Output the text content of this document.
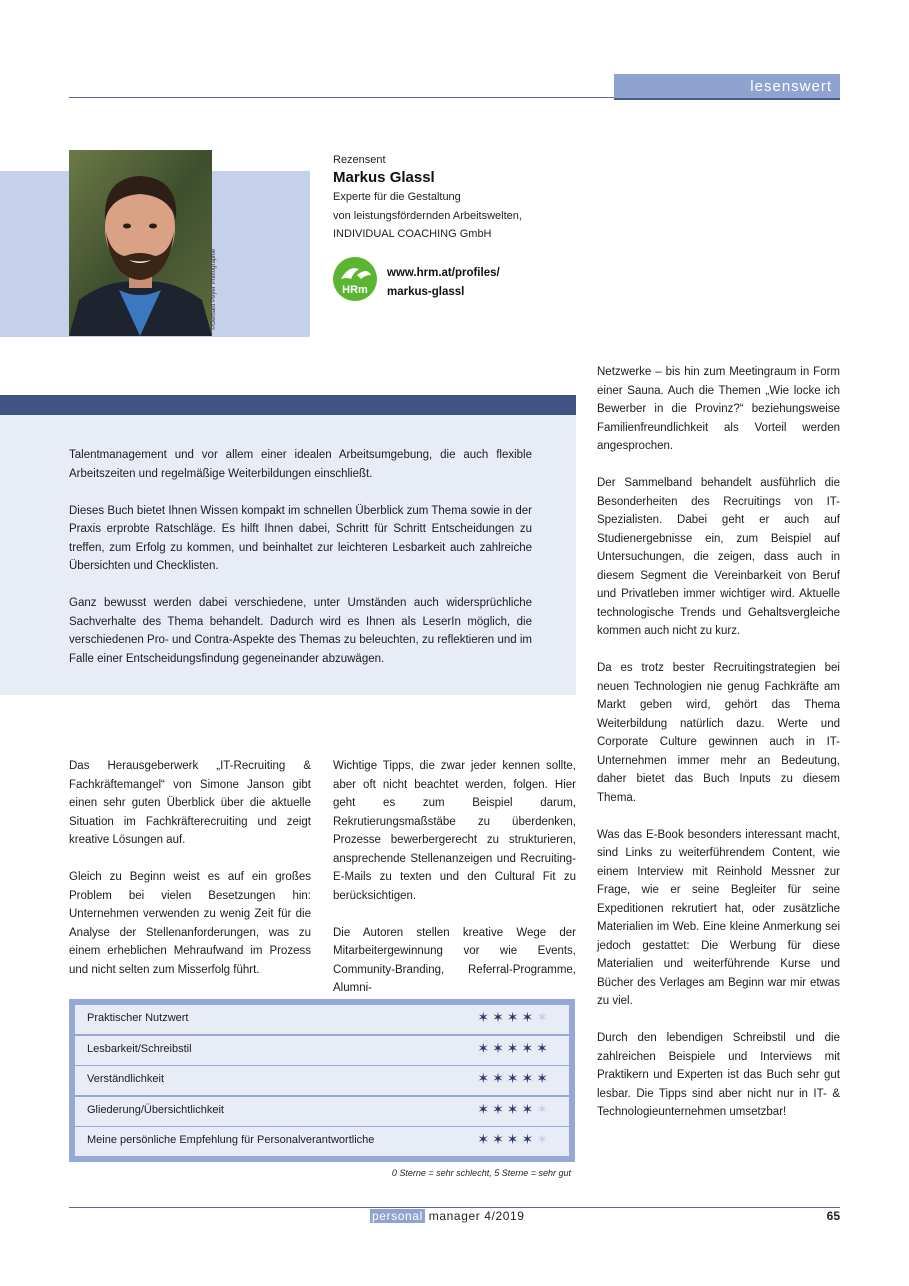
lesenswert
©Gerhard Peyer Photographie
Rezensent
Markus Glassl
Experte für die Gestaltung
von leistungsfördernden Arbeitswelten,
INDIVIDUAL COACHING GmbH
HRm
www.hrm.at/profiles/
markus-glassl

Talentmanagement und vor allem einer idealen Arbeitsumgebung, die auch flexible Arbeitszeiten und regelmäßige Weiterbildungen einschließt.

Dieses Buch bietet Ihnen Wissen kompakt im schnellen Überblick zum Thema sowie in der Praxis erprobte Ratschläge. Es hilft Ihnen dabei, Schritt für Schritt Entscheidungen zu treffen, zum Erfolg zu kommen, und beinhaltet zur leichteren Lesbarkeit auch zahlreiche Übersichten und Checklisten.

Ganz bewusst werden dabei verschiedene, unter Umständen auch widersprüchliche Sachverhalte des Thema behandelt. Dadurch wird es Ihnen als LeserIn möglich, die verschiedenen Pro- und Contra-Aspekte des Themas zu beleuchten, zu reflektieren und im Falle einer Entscheidungsfindung gegeneinander abzuwägen.

Das Herausgeberwerk „IT-Recruiting & Fachkräftemangel“ von Simone Janson gibt einen sehr guten Überblick über die aktuelle Situation im Fachkräfterecruiting und zeigt kreative Lösungen auf.

Gleich zu Beginn weist es auf ein großes Problem bei vielen Besetzungen hin: Unternehmen verwenden zu wenig Zeit für die Analyse der Stellenanforderungen, was zu einem erheblichen Mehraufwand im Prozess und nicht selten zum Misserfolg führt.

Wichtige Tipps, die zwar jeder kennen sollte, aber oft nicht beachtet werden, folgen. Hier geht es zum Beispiel darum, Rekrutierungsmaßstäbe zu überdenken, Prozesse bewerbergerecht zu strukturieren, ansprechende Stellenanzeigen und Recruiting-E-Mails zu texten und den Cultural Fit zu berücksichtigen.

Die Autoren stellen kreative Wege der Mitarbeitergewinnung vor wie Events, Community-Branding, Referral-Programme, Alumni-

Netzwerke – bis hin zum Meetingraum in Form einer Sauna. Auch die Themen „Wie locke ich Bewerber in die Provinz?“ beziehungsweise Familienfreundlichkeit als Vorteil werden angesprochen.

Der Sammelband behandelt ausführlich die Besonderheiten des Recruitings von IT-Spezialisten. Dabei geht er auch auf Studienergebnisse ein, zum Beispiel auf Untersuchungen, die zeigen, dass auch in diesem Segment die Vereinbarkeit von Beruf und Privatleben immer wichtiger wird. Aktuelle technologische Trends und Gehaltsvergleiche kommen auch nicht zu kurz.

Da es trotz bester Recruitingstrategien bei neuen Technologien nie genug Fachkräfte am Markt geben wird, gehört das Thema Weiterbildung natürlich dazu. Werte und Corporate Culture gewinnen auch in IT-Unternehmen immer mehr an Bedeutung, daher bietet das Buch Inputs zu diesem Thema.

Was das E-Book besonders interessant macht, sind Links zu weiterführendem Content, wie einem Interview mit Reinhold Messner zur Frage, wie er seine Begleiter für seine Expeditionen rekrutiert hat, oder zusätzliche Materialien im Web. Eine kleine Anmerkung sei jedoch gestattet: Die Werbung für diese Materialien und weiterführende Kurse und Bücher des Verlages am Beginn war mir etwas zu viel.

Durch den lebendigen Schreibstil und die zahlreichen Beispiele und Interviews mit Praktikern und Experten ist das Buch sehr gut lesbar. Die Tipps sind aber nicht nur in IT- & Technologieunternehmen umsetzbar!

Praktischer Nutzwert	✶✶✶✶✶
Lesbarkeit/Schreibstil	✶✶✶✶✶
Verständlichkeit	✶✶✶✶✶
Gliederung/Übersichtlichkeit	✶✶✶✶✶
Meine persönliche Empfehlung für Personalverantwortliche	✶✶✶✶✶
0 Sterne = sehr schlecht, 5 Sterne = sehr gut
personal manager 4/2019	65
